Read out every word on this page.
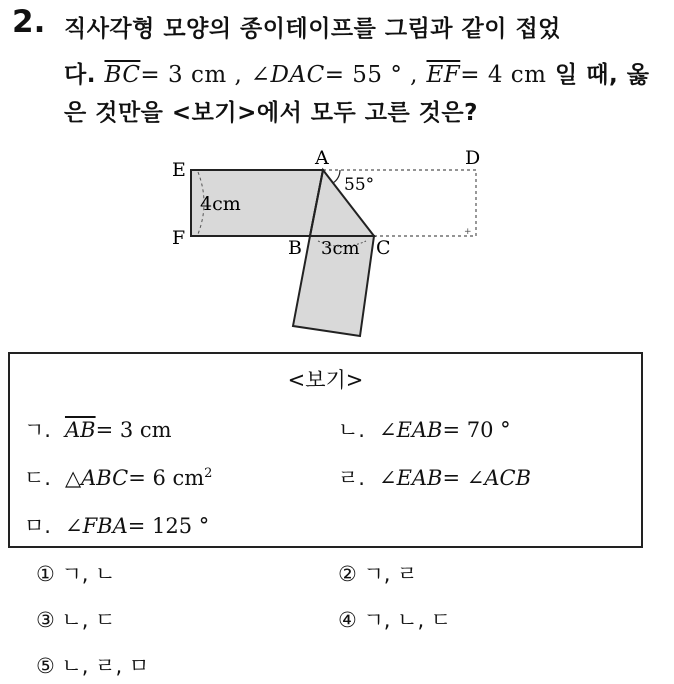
2. 직사각형 모양의 종이테이프를 그림과 같이 접었
다. $\overline{BC}= 3$ cm , ∠DAC= 55 ° , $\overline{EF}= 4$ cm 일 때, 옳
은 것만을 <보기>에서 모두 고른 것은?
+
E
A	D
F	B	C
55°
4cm
3cm
<보기>
ㄱ. $\overline{AB}= 3$ cm	ㄴ. ∠EAB= 70 °
ㄷ. △ABC= 6 $cm^2$	ㄹ. ∠EAB= ∠ACB
ㅁ. ∠FBA= 125 °
① ㄱ, ㄴ	② ㄱ, ㄹ
③ ㄴ, ㄷ	④ ㄱ, ㄴ, ㄷ
⑤ ㄴ, ㄹ, ㅁ
